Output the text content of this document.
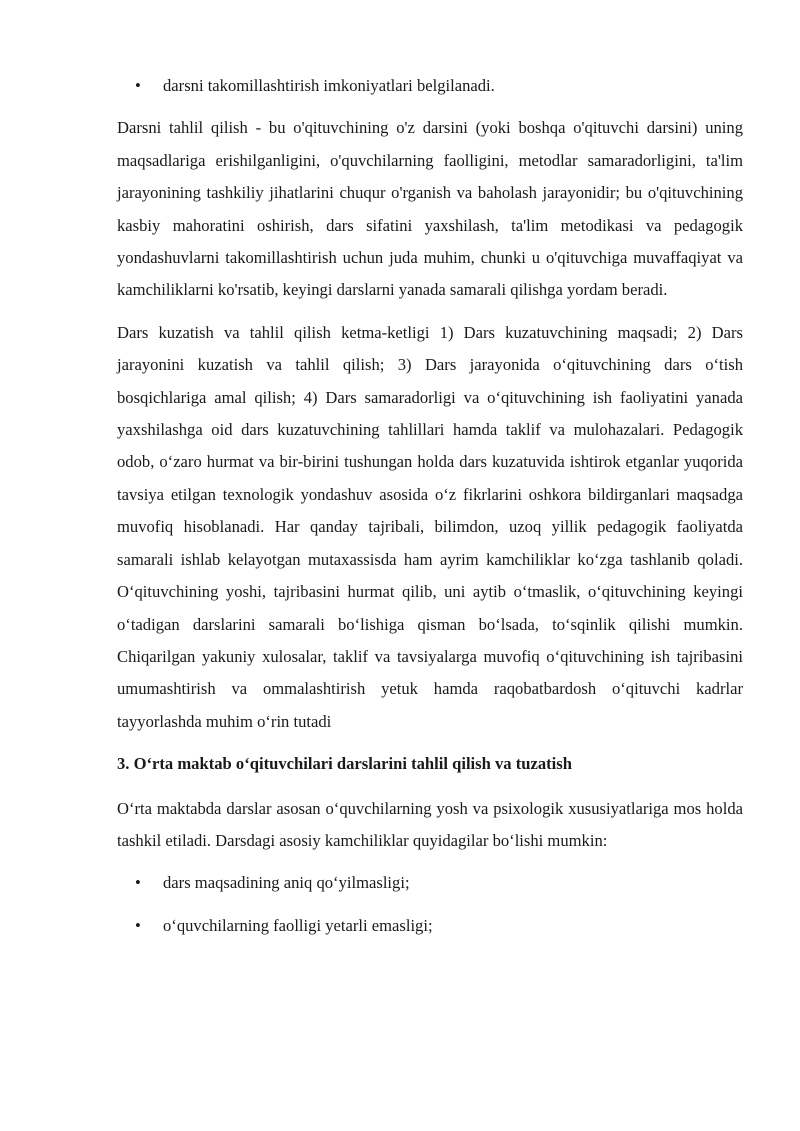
• darsni takomillashtirish imkoniyatlari belgilanadi.

Darsni tahlil qilish - bu o'qituvchining o'z darsini (yoki boshqa o'qituvchi darsini) uning maqsadlariga erishilganligini, o'quvchilarning faolligini, metodlar samaradorligini, ta'lim jarayonining tashkiliy jihatlarini chuqur o'rganish va baholash jarayonidir; bu o'qituvchining kasbiy mahoratini oshirish, dars sifatini yaxshilash, ta'lim metodikasi va pedagogik yondashuvlarni takomillashtirish uchun juda muhim, chunki u o'qituvchiga muvaffaqiyat va kamchiliklarni ko'rsatib, keyingi darslarni yanada samarali qilishga yordam beradi.

Dars kuzatish va tahlil qilish ketma-ketligi 1) Dars kuzatuvchining maqsadi; 2) Dars jarayonini kuzatish va tahlil qilish; 3) Dars jarayonida o‘qituvchining dars o‘tish bosqichlariga amal qilish; 4) Dars samaradorligi va o‘qituvchining ish faoliyatini yanada yaxshilashga oid dars kuzatuvchining tahlillari hamda taklif va mulohazalari. Pedagogik odob, o‘zaro hurmat va bir-birini tushungan holda dars kuzatuvida ishtirok etganlar yuqorida tavsiya etilgan texnologik yondashuv asosida o‘z fikrlarini oshkora bildirganlari maqsadga muvofiq hisoblanadi. Har qanday tajribali, bilimdon, uzoq yillik pedagogik faoliyatda samarali ishlab kelayotgan mutaxassisda ham ayrim kamchiliklar ko‘zga tashlanib qoladi. O‘qituvchining yoshi, tajribasini hurmat qilib, uni aytib o‘tmaslik, o‘qituvchining keyingi o‘tadigan darslarini samarali bo‘lishiga qisman bo‘lsada, to‘sqinlik qilishi mumkin. Chiqarilgan yakuniy xulosalar, taklif va tavsiyalarga muvofiq o‘qituvchining ish tajribasini umumashtirish va ommalashtirish yetuk hamda raqobatbardosh o‘qituvchi kadrlar tayyorlashda muhim o‘rin tutadi

3. O‘rta maktab o‘qituvchilari darslarini tahlil qilish va tuzatish

O‘rta maktabda darslar asosan o‘quvchilarning yosh va psixologik xususiyatlariga mos holda tashkil etiladi. Darsdagi asosiy kamchiliklar quyidagilar bo‘lishi mumkin:

• dars maqsadining aniq qo‘yilmasligi;
• o‘quvchilarning faolligi yetarli emasligi;
